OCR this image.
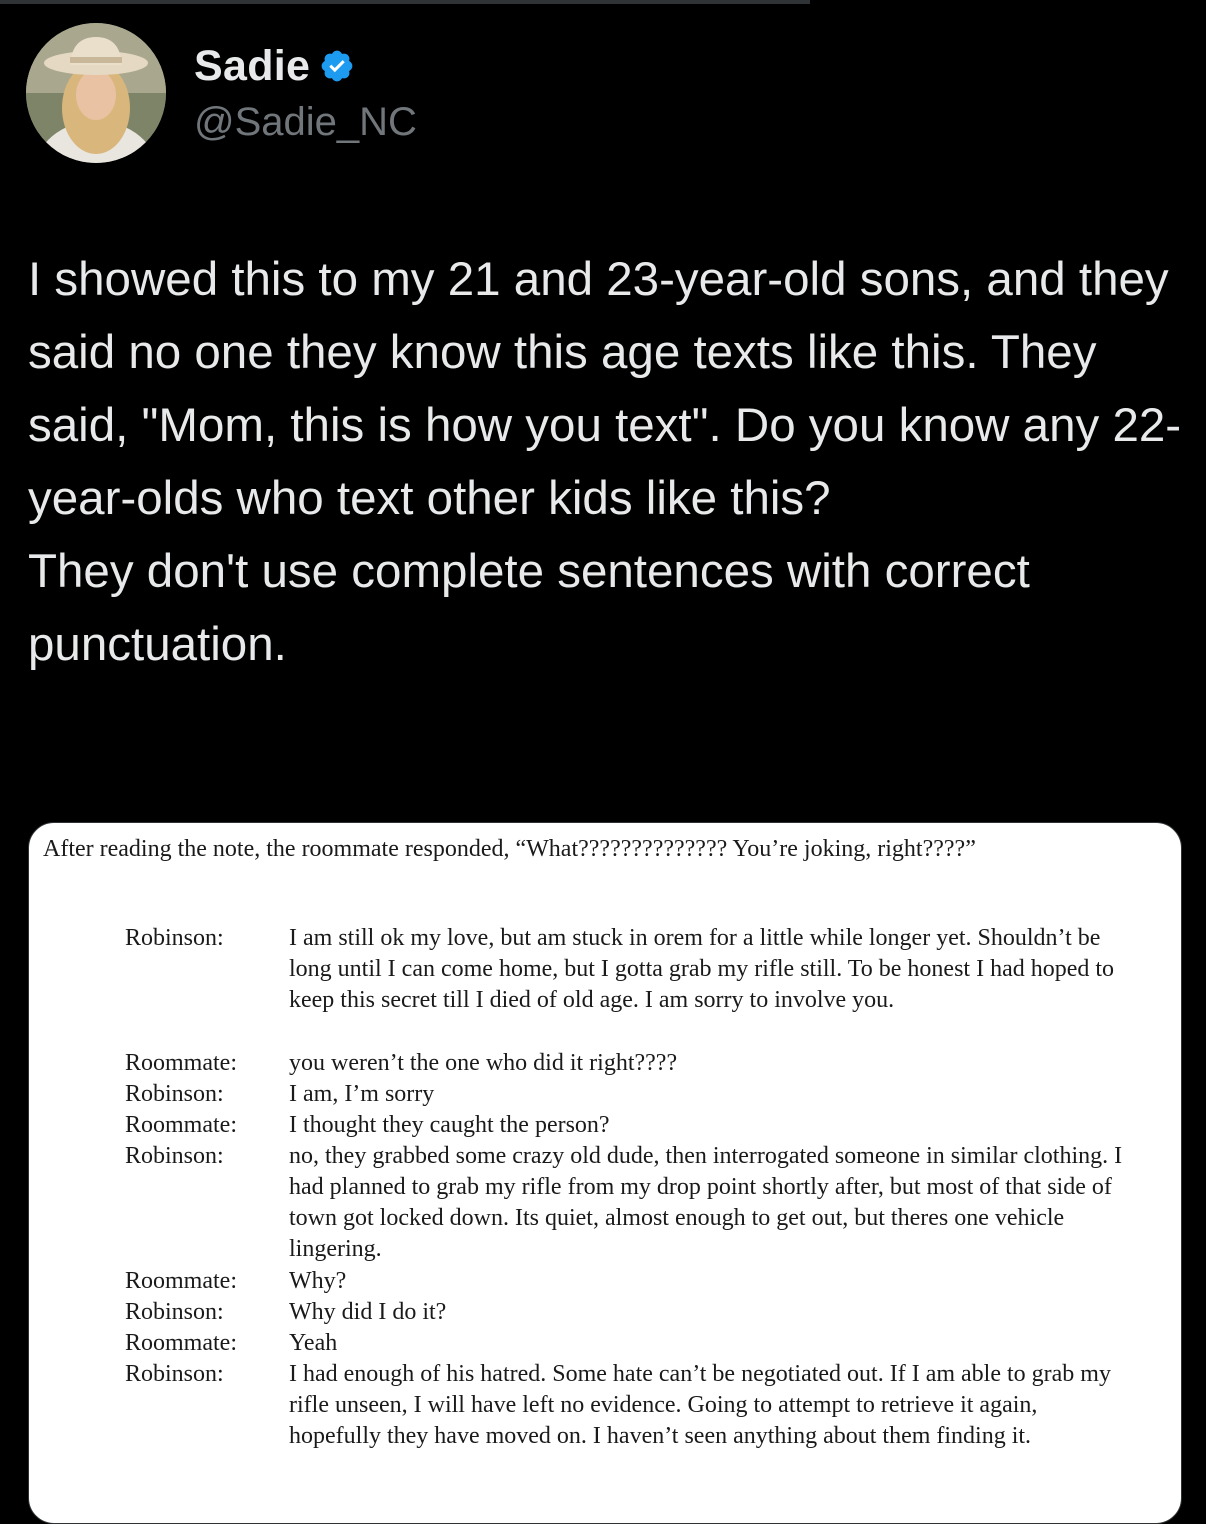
Sadie
@Sadie_NC

I showed this to my 21 and 23-year-old sons, and they said no one they know this age texts like this. They said, "Mom, this is how you text". Do you know any 22-year-olds who text other kids like this?

They don't use complete sentences with correct punctuation.

After reading the note, the roommate responded, “What?????????????? You’re joking, right????”

Robinson:	I am still ok my love, but am stuck in orem for a little while longer yet. Shouldn’t be long until I can come home, but I gotta grab my rifle still. To be honest I had hoped to keep this secret till I died of old age. I am sorry to involve you.
Roommate: you weren’t the one who did it right????
Robinson:	I am, I’m sorry
Roommate: I thought they caught the person?
Robinson:	no, they grabbed some crazy old dude, then interrogated someone in similar clothing. I had planned to grab my rifle from my drop point shortly after, but most of that side of town got locked down. Its quiet, almost enough to get out, but theres one vehicle lingering.
Roommate: Why?
Robinson:	Why did I do it?
Roommate: Yeah
Robinson:	I had enough of his hatred. Some hate can’t be negotiated out. If I am able to grab my rifle unseen, I will have left no evidence. Going to attempt to retrieve it again, hopefully they have moved on. I haven’t seen anything about them finding it.
